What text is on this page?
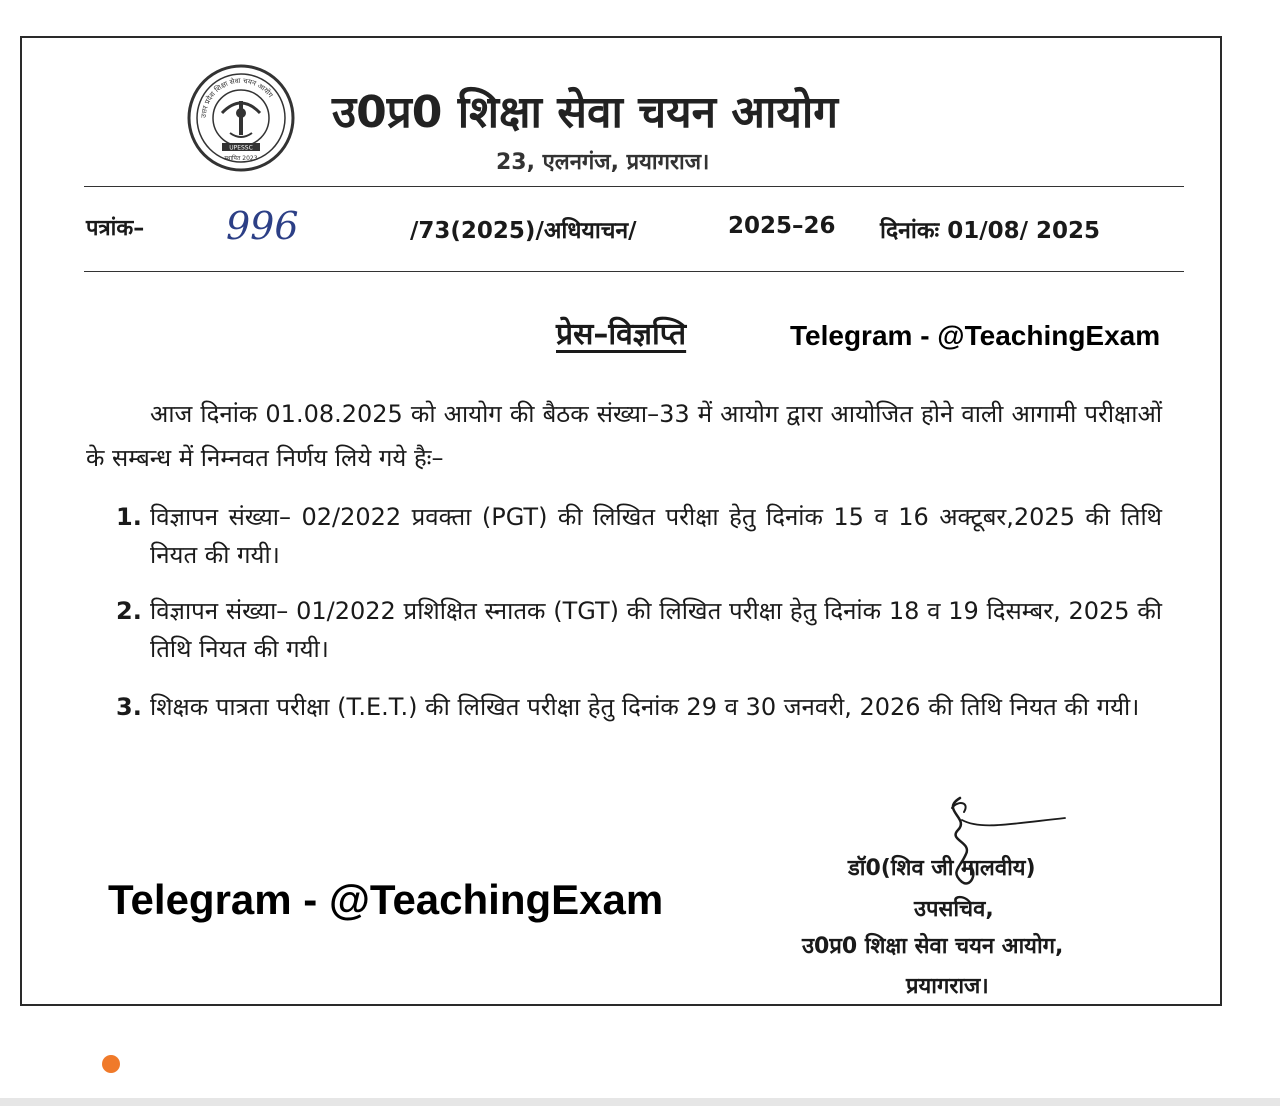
उत्तर प्रदेश शिक्षा सेवा चयन आयोग
UPESSC
स्थापित 2023
उ0प्र0 शिक्षा सेवा चयन आयोग
23, एलनगंज, प्रयागराज।
पत्रांक– 996	/73(2025)/अधियाचन/	2025–26 दिनांकः 01/08/ 2025
प्रेस–विज्ञप्ति	Telegram - @TeachingExam
आज दिनांक 01.08.2025 को आयोग की बैठक संख्या–33 में आयोग द्वारा आयोजित होने वाली आगामी परीक्षाओं के सम्बन्ध में निम्नवत निर्णय लिये गये हैः–
1. विज्ञापन संख्या– 02/2022 प्रवक्ता (PGT) की लिखित परीक्षा हेतु दिनांक 15 व 16 अक्टूबर,2025 की तिथि नियत की गयी।
2. विज्ञापन संख्या– 01/2022 प्रशिक्षित स्नातक (TGT) की लिखित परीक्षा हेतु दिनांक 18 व 19 दिसम्बर, 2025 की तिथि नियत की गयी।
3. शिक्षक पात्रता परीक्षा (T.E.T.) की लिखित परीक्षा हेतु दिनांक 29 व 30 जनवरी, 2026 की तिथि नियत की गयी।
Telegram - @TeachingExam
डॉ0(शिव जी मालवीय)
उपसचिव,
उ0प्र0 शिक्षा सेवा चयन आयोग,
प्रयागराज।
